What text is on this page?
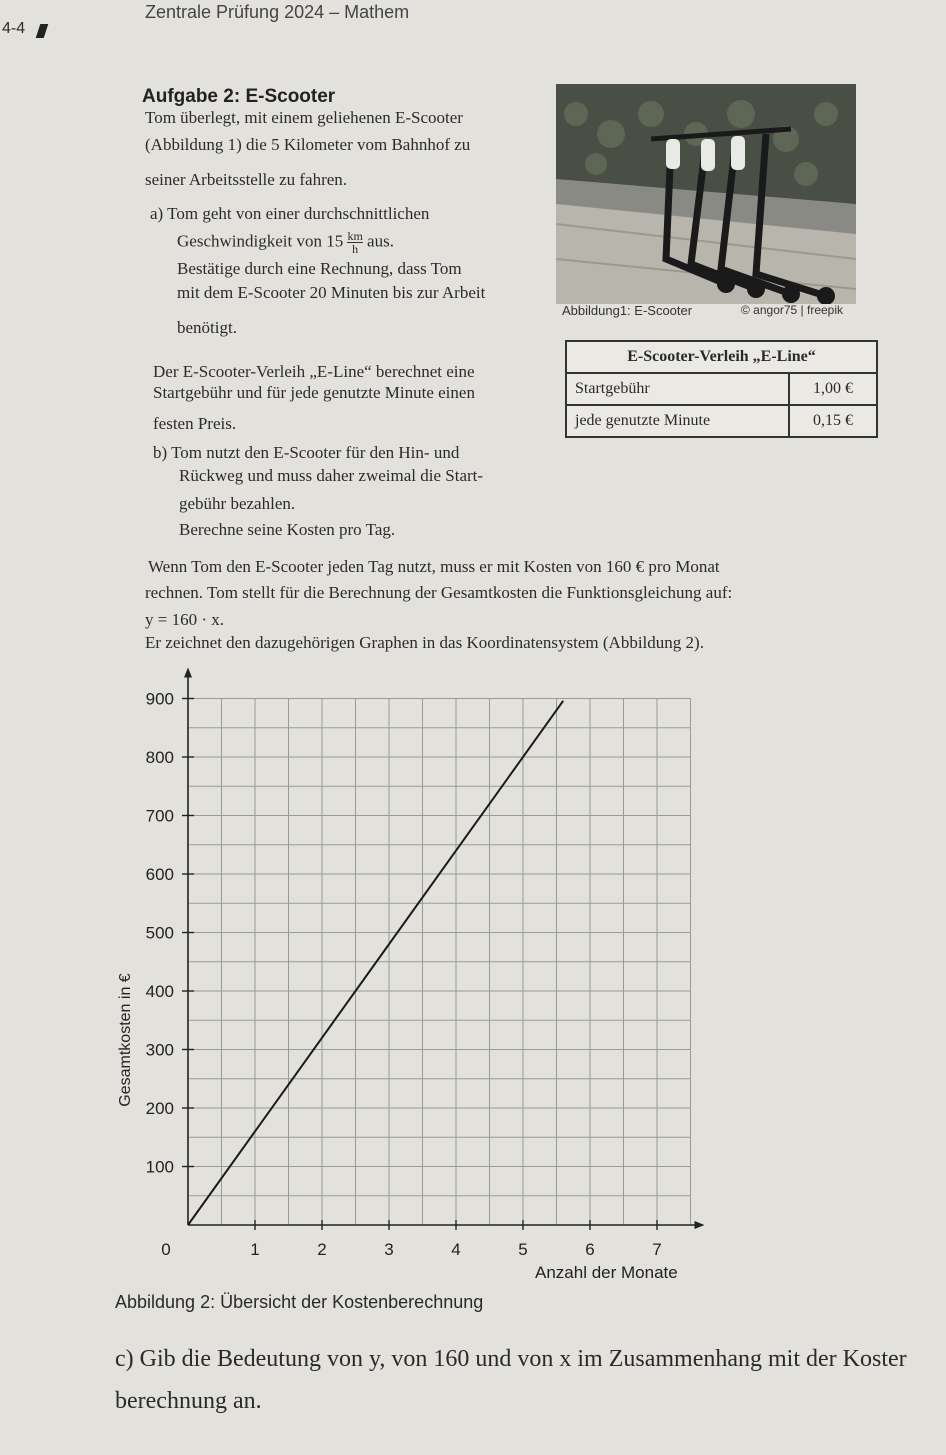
4-4
Zentrale Prüfung 2024 – Mathem
Aufgabe 2: E-Scooter
Tom überlegt, mit einem geliehenen E-Scooter
(Abbildung 1) die 5 Kilometer vom Bahnhof zu
seiner Arbeitsstelle zu fahren.
a) Tom geht von einer durchschnittlichen
Geschwindigkeit von $15 \frac{km}{h}$ aus.
Bestätige durch eine Rechnung, dass Tom
mit dem E-Scooter 20 Minuten bis zur Arbeit
benötigt.
Abbildung1: E-Scooter	© angor75 | freepik
Der E-Scooter-Verleih „E-Line“ berechnet eine
Startgebühr und für jede genutzte Minute einen
festen Preis.
E-Scooter-Verleih „E-Line“	
Startgebühr	1,00 €
jede genutzte Minute	0,15 €
b) Tom nutzt den E-Scooter für den Hin- und
Rückweg und muss daher zweimal die Start-
gebühr bezahlen.
Berechne seine Kosten pro Tag.
Wenn Tom den E-Scooter jeden Tag nutzt, muss er mit Kosten von 160 € pro Monat
rechnen. Tom stellt für die Berechnung der Gesamtkosten die Funktionsgleichung auf:
y = 160 · x.
Er zeichnet den dazugehörigen Graphen in das Koordinatensystem (Abbildung 2).
0	1	2	3	4	5	6	7
100
200
300
400
500
600
700
800
900
Anzahl der Monate
Gesamtkosten in €
Abbildung 2: Übersicht der Kostenberechnung
c) Gib die Bedeutung von y, von 160 und von x im Zusammenhang mit der Koster
berechnung an.
